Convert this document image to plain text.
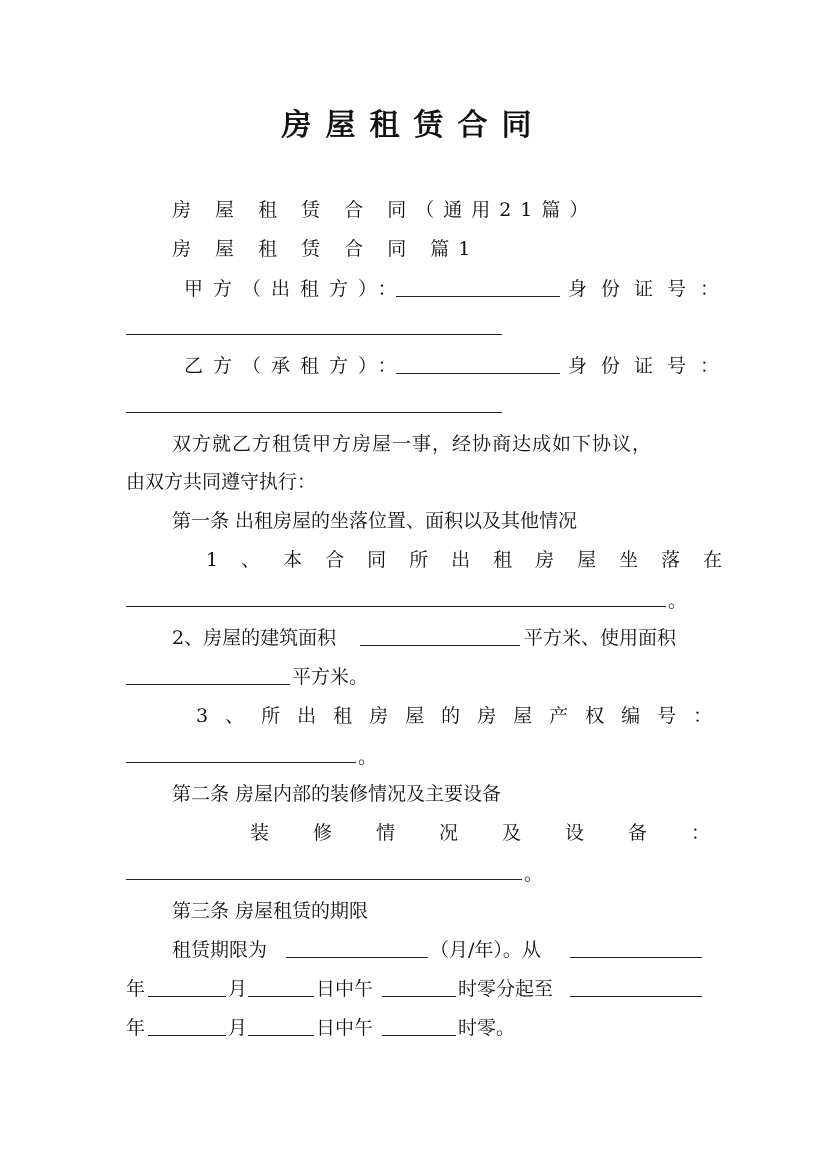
房屋租赁合同
房 屋 租 赁 合 同（通用21篇）
房 屋 租 赁 合 同 篇1
甲方（出租方）：	身份证号：
乙方（承租方）：	身份证号：
双方就乙方租赁甲方房屋一事，经协商达成如下协议，
由双方共同遵守执行：
第一条 出租房屋的坐落位置、面积以及其他情况
1、本合同所出租房屋坐落在
。
2、房屋的建筑面积	平方米、使用面积
平方米。
3、所出租房屋的房屋产权编号：
。
第二条 房屋内部的装修情况及主要设备
装修情况及设备：
。
第三条 房屋租赁的期限
租赁期限为	（月/年）。从
年	月	日中午	时零分起至
年	月	日中午	时零。
